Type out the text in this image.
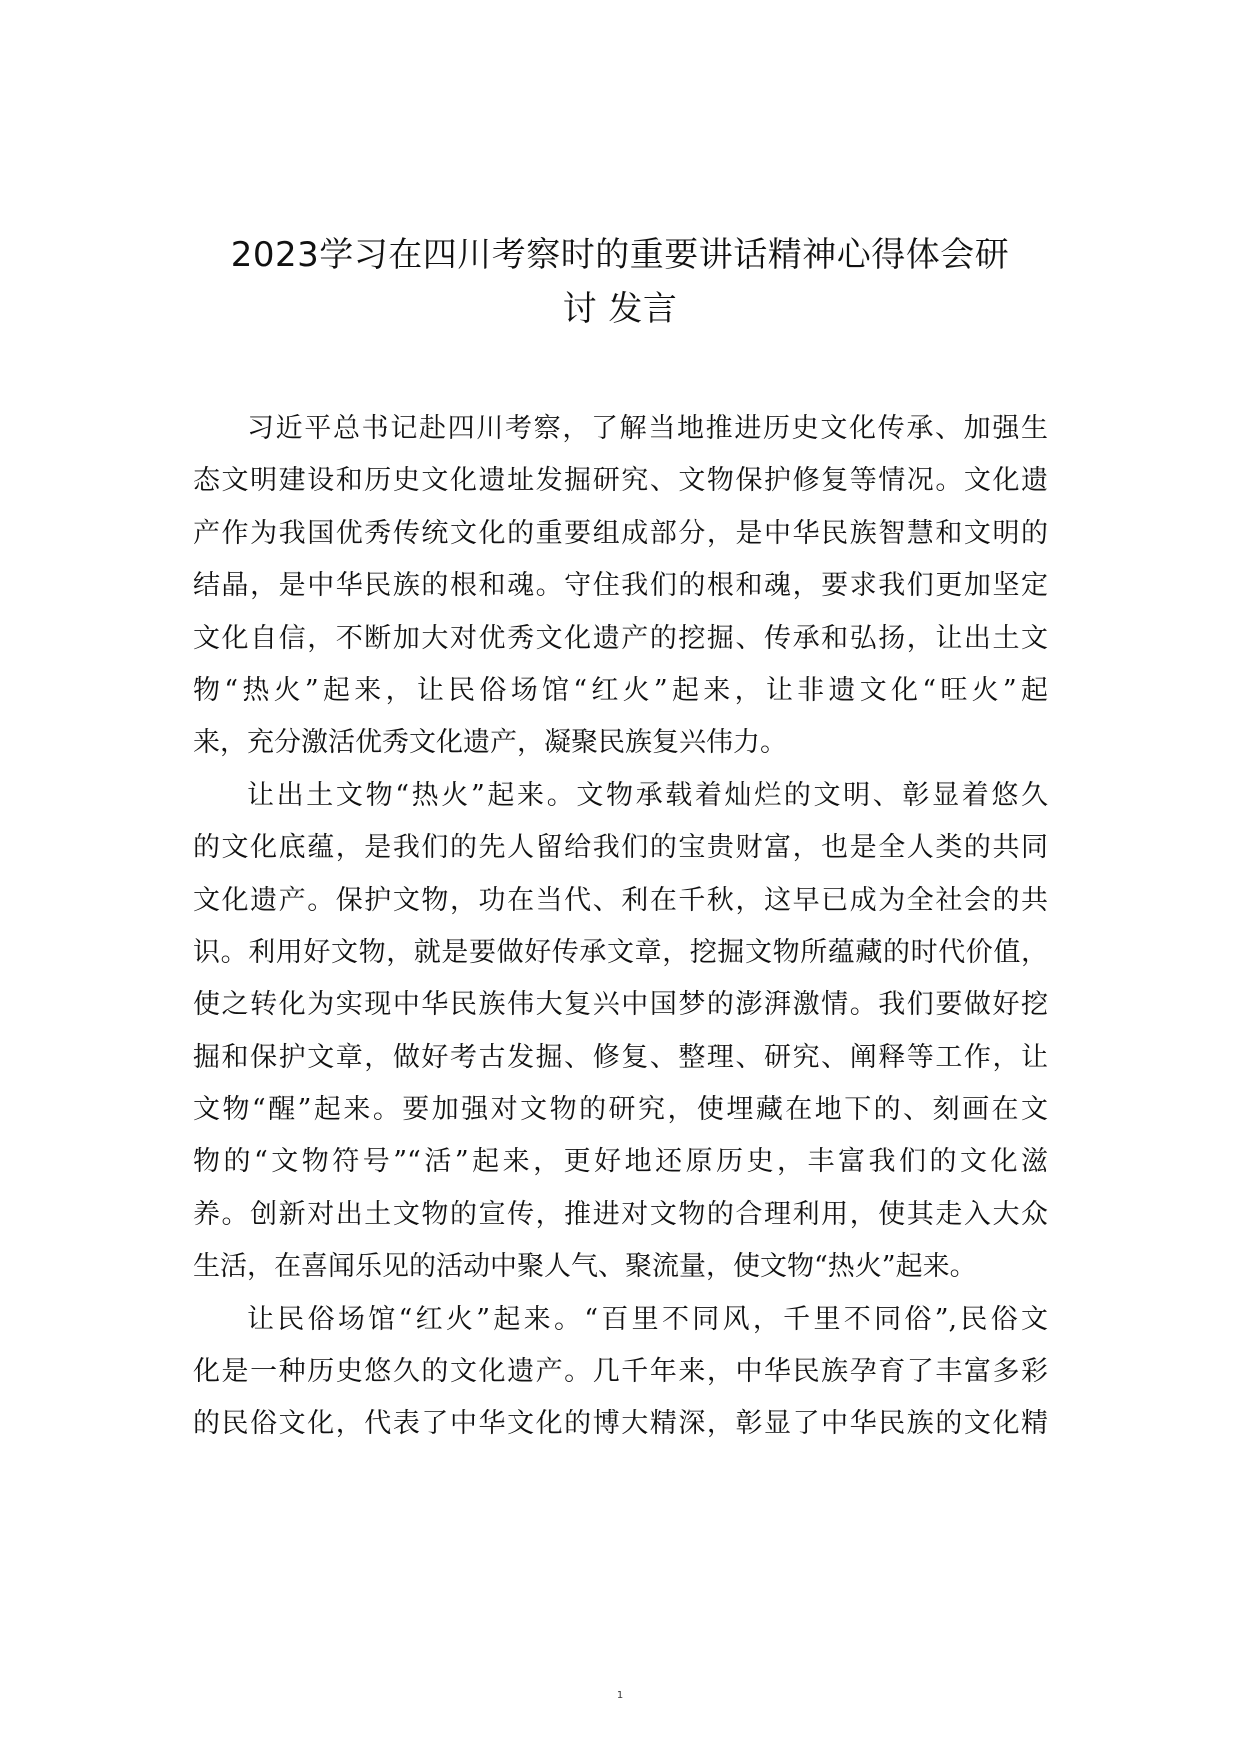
2023学习在四川考察时的重要讲话精神心得体会研
讨 发言
习近平总书记赴四川考察，了解当地推进历史文化传承、加强生
态文明建设和历史文化遗址发掘研究、文物保护修复等情况。文化遗
产作为我国优秀传统文化的重要组成部分，是中华民族智慧和文明的
结晶，是中华民族的根和魂。守住我们的根和魂，要求我们更加坚定
文化自信，不断加大对优秀文化遗产的挖掘、传承和弘扬，让出土文
物“热火”起来，让民俗场馆“红火”起来，让非遗文化“旺火”起
来，充分激活优秀文化遗产，凝聚民族复兴伟力。
让出土文物“热火”起来。文物承载着灿烂的文明、彰显着悠久
的文化底蕴，是我们的先人留给我们的宝贵财富，也是全人类的共同
文化遗产。保护文物，功在当代、利在千秋，这早已成为全社会的共
识。利用好文物，就是要做好传承文章，挖掘文物所蕴藏的时代价值，
使之转化为实现中华民族伟大复兴中国梦的澎湃激情。我们要做好挖
掘和保护文章，做好考古发掘、修复、整理、研究、阐释等工作，让
文物“醒”起来。要加强对文物的研究，使埋藏在地下的、刻画在文
物的“文物符号”“活”起来，更好地还原历史，丰富我们的文化滋
养。创新对出土文物的宣传，推进对文物的合理利用，使其走入大众
生活，在喜闻乐见的活动中聚人气、聚流量，使文物“热火”起来。
让民俗场馆“红火”起来。“百里不同风，千里不同俗”,民俗文
化是一种历史悠久的文化遗产。几千年来，中华民族孕育了丰富多彩
的民俗文化，代表了中华文化的博大精深，彰显了中华民族的文化精
1
